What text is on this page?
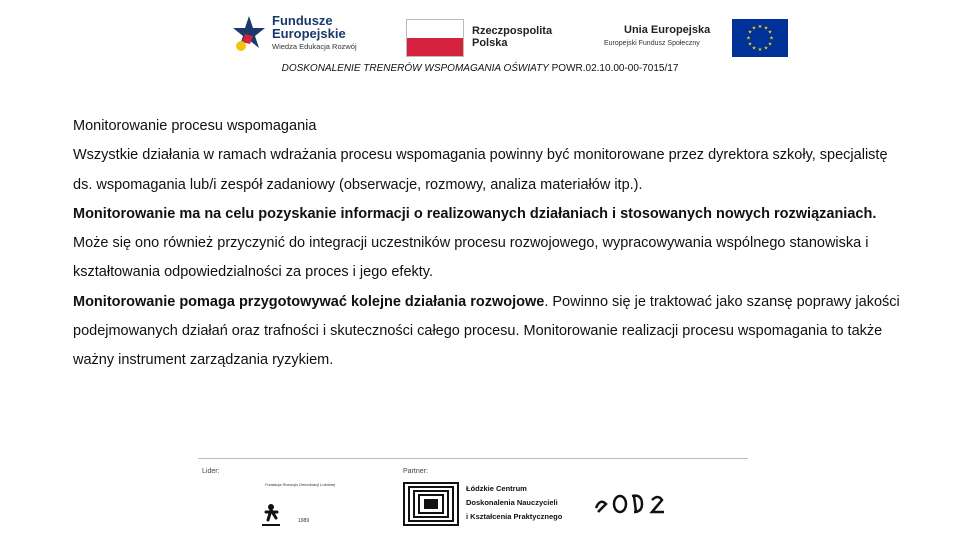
Fundusze
Europejskie
Wiedza Edukacja Rozwój
Rzeczpospolita
Polska
Unia Europejska
Europejski Fundusz Społeczny
★ ★
★
★
★
★
★
★
★
★
★
★
DOSKONALENIE TRENERÓW WSPOMAGANIA OŚWIATY POWR.02.10.00-00-7015/17

Monitorowanie procesu wspomagania

Wszystkie działania w ramach wdrażania procesu wspomagania powinny być monitorowane przez dyrektora szkoły, specjalistę ds. wspomagania lub/i zespół zadaniowy (obserwacje, rozmowy, analiza materiałów itp.).

Monitorowanie ma na celu pozyskanie informacji o realizowanych działaniach i stosowanych nowych rozwiązaniach. Może się ono również przyczynić do integracji uczestników procesu rozwojowego, wypracowywania wspólnego stanowiska i kształtowania odpowiedzialności za proces i jego efekty.

Monitorowanie pomaga przygotowywać kolejne działania rozwojowe. Powinno się je traktować jako szansę poprawy jakości podejmowanych działań oraz trafności i skuteczności całego procesu. Monitorowanie realizacji procesu wspomagania to także ważny instrument zarządzania ryzykiem.

Lider:	Partner:
Fundacja Rozwoju Demokracji Lokalnej
1989
Łódzkie Centrum
Doskonalenia Nauczycieli
i Kształcenia Praktycznego
